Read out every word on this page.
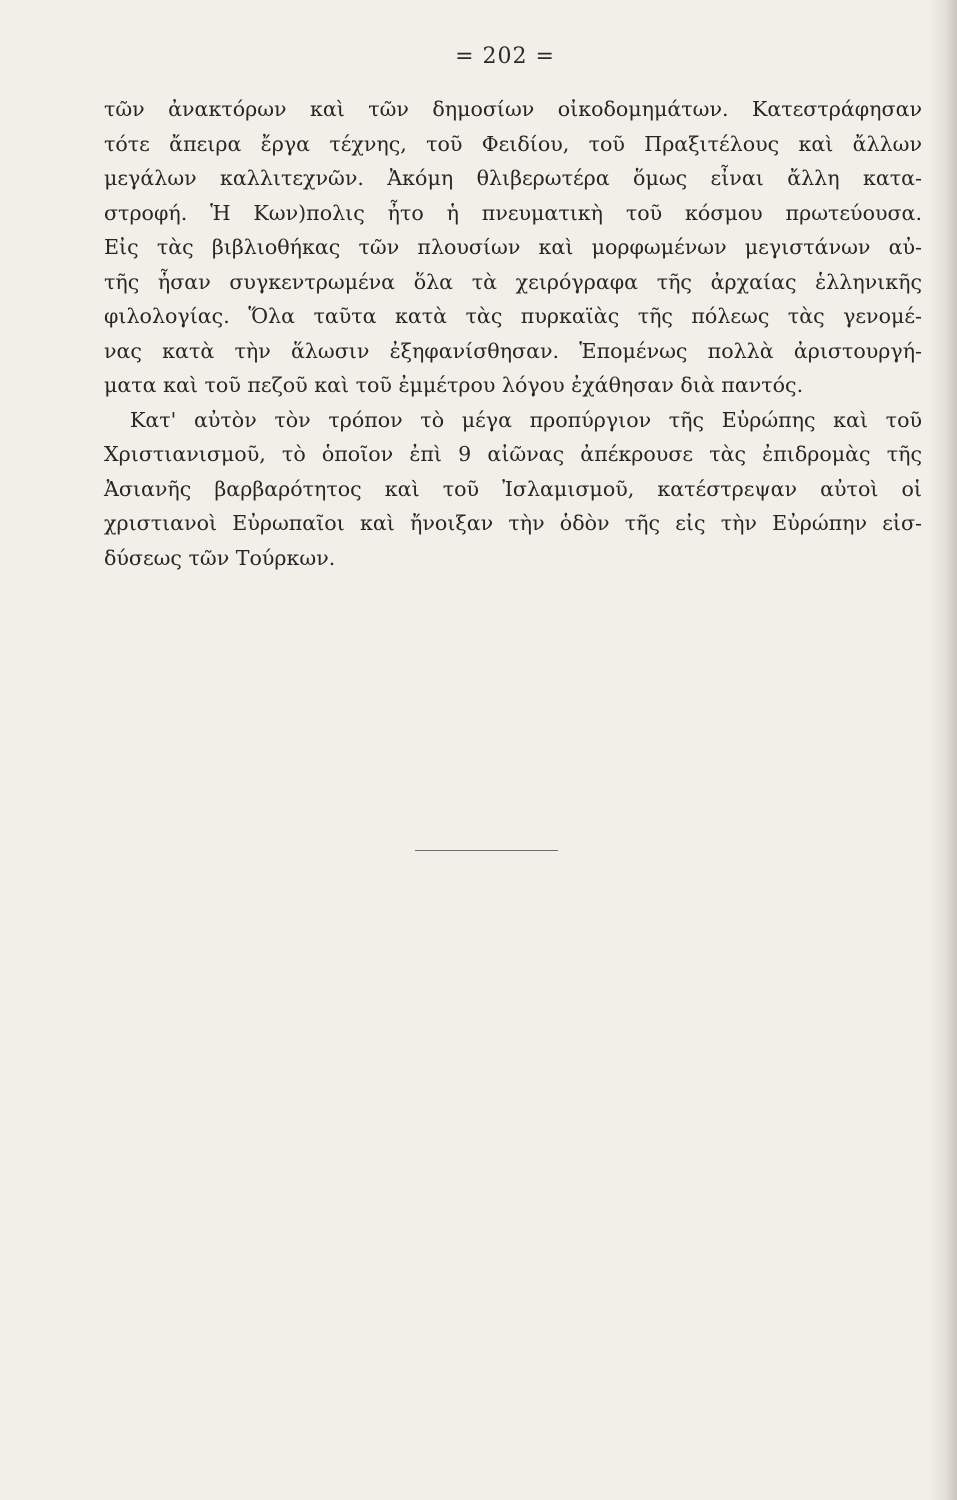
= 202 =
τῶν ἀνακτόρων καὶ τῶν δημοσίων οἰκοδομημάτων. Κατεστράφησαν
τότε ἄπειρα ἔργα τέχνης, τοῦ Φειδίου, τοῦ Πραξιτέλους καὶ ἄλλων
μεγάλων καλλιτεχνῶν. Ἀκόμη θλιβερωτέρα ὅμως εἶναι ἄλλη κατα-
στροφή. Ἡ Κων)πολις ἦτο ἡ πνευματικὴ τοῦ κόσμου πρωτεύουσα.
Εἰς τὰς βιβλιοθήκας τῶν πλουσίων καὶ μορφωμένων μεγιστάνων αὐ-
τῆς ἦσαν συγκεντρωμένα ὅλα τὰ χειρόγραφα τῆς ἀρχαίας ἑλληνικῆς
φιλολογίας. Ὅλα ταῦτα κατὰ τὰς πυρκαϊὰς τῆς πόλεως τὰς γενομέ-
νας κατὰ τὴν ἅλωσιν ἐξηφανίσθησαν. Ἑπομένως πολλὰ ἀριστουργή-
ματα καὶ τοῦ πεζοῦ καὶ τοῦ ἐμμέτρου λόγου ἐχάθησαν διὰ παντός.
Κατ' αὐτὸν τὸν τρόπον τὸ μέγα προπύργιον τῆς Εὐρώπης καὶ τοῦ
Χριστιανισμοῦ, τὸ ὁποῖον ἐπὶ 9 αἰῶνας ἀπέκρουσε τὰς ἐπιδρομὰς τῆς
Ἀσιανῆς βαρβαρότητος καὶ τοῦ Ἰσλαμισμοῦ, κατέστρεψαν αὐτοὶ οἱ
χριστιανοὶ Εὐρωπαῖοι καὶ ἤνοιξαν τὴν ὁδὸν τῆς εἰς τὴν Εὐρώπην εἰσ-
δύσεως τῶν Τούρκων.
